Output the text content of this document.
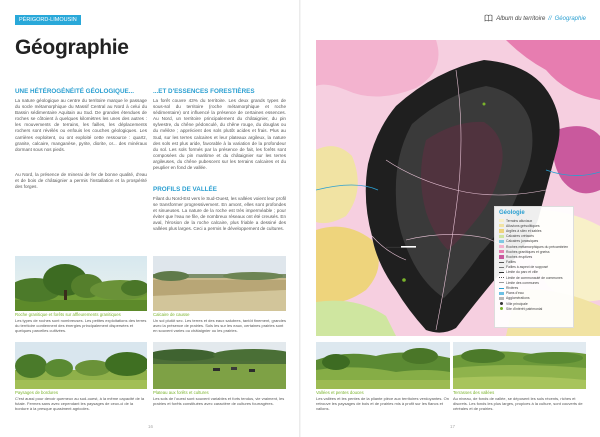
PÉRIGORD-LIMOUSIN
Géographie
UNE HÉTÉROGÉNÉITÉ GÉOLOGIQUE...
La nature géologique au centre du territoire marque le passage du socle métamorphique du Massif Central au Nord à celui du Bassin sédimentaire Aquitain au Sud. De grandes étendues de roches se côtoient à quelques kilomètres les unes des autres : les mouvements de terrains, les failles, les déplacements rochers sont révélés ou enfouis les couches géologiques. Les carrières exploitent, ou ont exploité cette ressource : quartz, granite, calcaire, manganèse, pyrite, diorite, or... des minéraux dormant sous nos pieds.
Au Nord, la présence de minerai de fer de bonne qualité, d'eau et de bois de châtaignier a permis l'installation et la prospérité des forges.
...ET D'ESSENCES FORESTIÈRES
La forêt couvre 43% du territoire. Les deux grands types de sous-sol du territoire (roche métamorphique et roche sédimentaire) ont influencé la présence de certaines essences. Au Nord, un territoire principalement du châtaignier, du pin sylvestre, du chêne pédonculé, du chêne rouge, du douglas ou du mélèze ; apprécient des sols plutôt acides et frais. Plus au Sud, sur les terres calcaires et leur plateaux argileux, la nature des sols est plus aride, favorable à la variation de la profondeur du sol. Les sols formés par la présence de fait, les forêts sont composées du pin maritime et du châtaignier sur les terres argileuses, du chêne pubescent sur les terrains calcaires et du peuplier en fond de vallée.
PROFILS DE VALLÉE
Filant du Nord-Est vers le Sud-Ouest, les vallées voient leur profil se transformer progressivement. En amont, elles sont profondes et sinueuses. La nature de la roche est très imperméable ; pour éviter que l'eau ne file, de nombreux réseaux ont été creusés. En aval, l'érosion de la roche calcaire, plus friable a dessiné des vallées plus larges. Ceci a permis le développement de cultures.
Roche granitique et forêts sur affleurements granitiques
Les types de roches sont nombreuses. Les petites exploitations des terres du territoire contiennent des énergies principalement dispersées et quelques parcelles cultivées.
Calcaire de causse
Un sol plutôt sec. Les terres et des eaux salubres, tantôt finement, grandes avec la présence de prairies. Sols les sur les eaux, certaines prairies sont en souvent varies ou châtaignier ou les prairies.
Paysages de bordures
C'est aussi pour devoir quemeux au sud-ouest, à la même capacité de la futaie. Fermes sans avec cependant les paysages de ceux-ci de la bordure à la presque quasiment agricoles.
Plateau aux forêts et cultures
Les sols de l'ouest sont souvent variables et forts tendus, vie vraiment, les prairies et forêts constituées avec caractère de cultures fourragères.
16
Album du territoire // Géographie
Géologie
Terrains alluviaux
Alluvions grésolitiques
Argiles à silex et sables
Calcaires crétacés
Calcaires jurassiques
Roches métamorphiques du précambrien
Roches granitiques et gneiss
Roches éruptives
Failles
Failles à aspect de supposé
Limite du parc et ville
Limite de communauté de communes
Limite des communes
Rivières
Plans d'eau
Agglomérations
Ville principale
Site d'intérêt patrimonial
Vallées et pentes douces
Les vallées et les pentes de la pliante pièce aux territoires verdoyantes. On retrouve les paysages de bois et de prairies mis à profit sur les flancs et vallons.
Terrasses des vallées
Au niveau, de fonds de vallée, se déposent les sols récents, riches et discrets. Les fonds les plus larges, propices à la culture, sont couverts de céréales et de prairies.
17
